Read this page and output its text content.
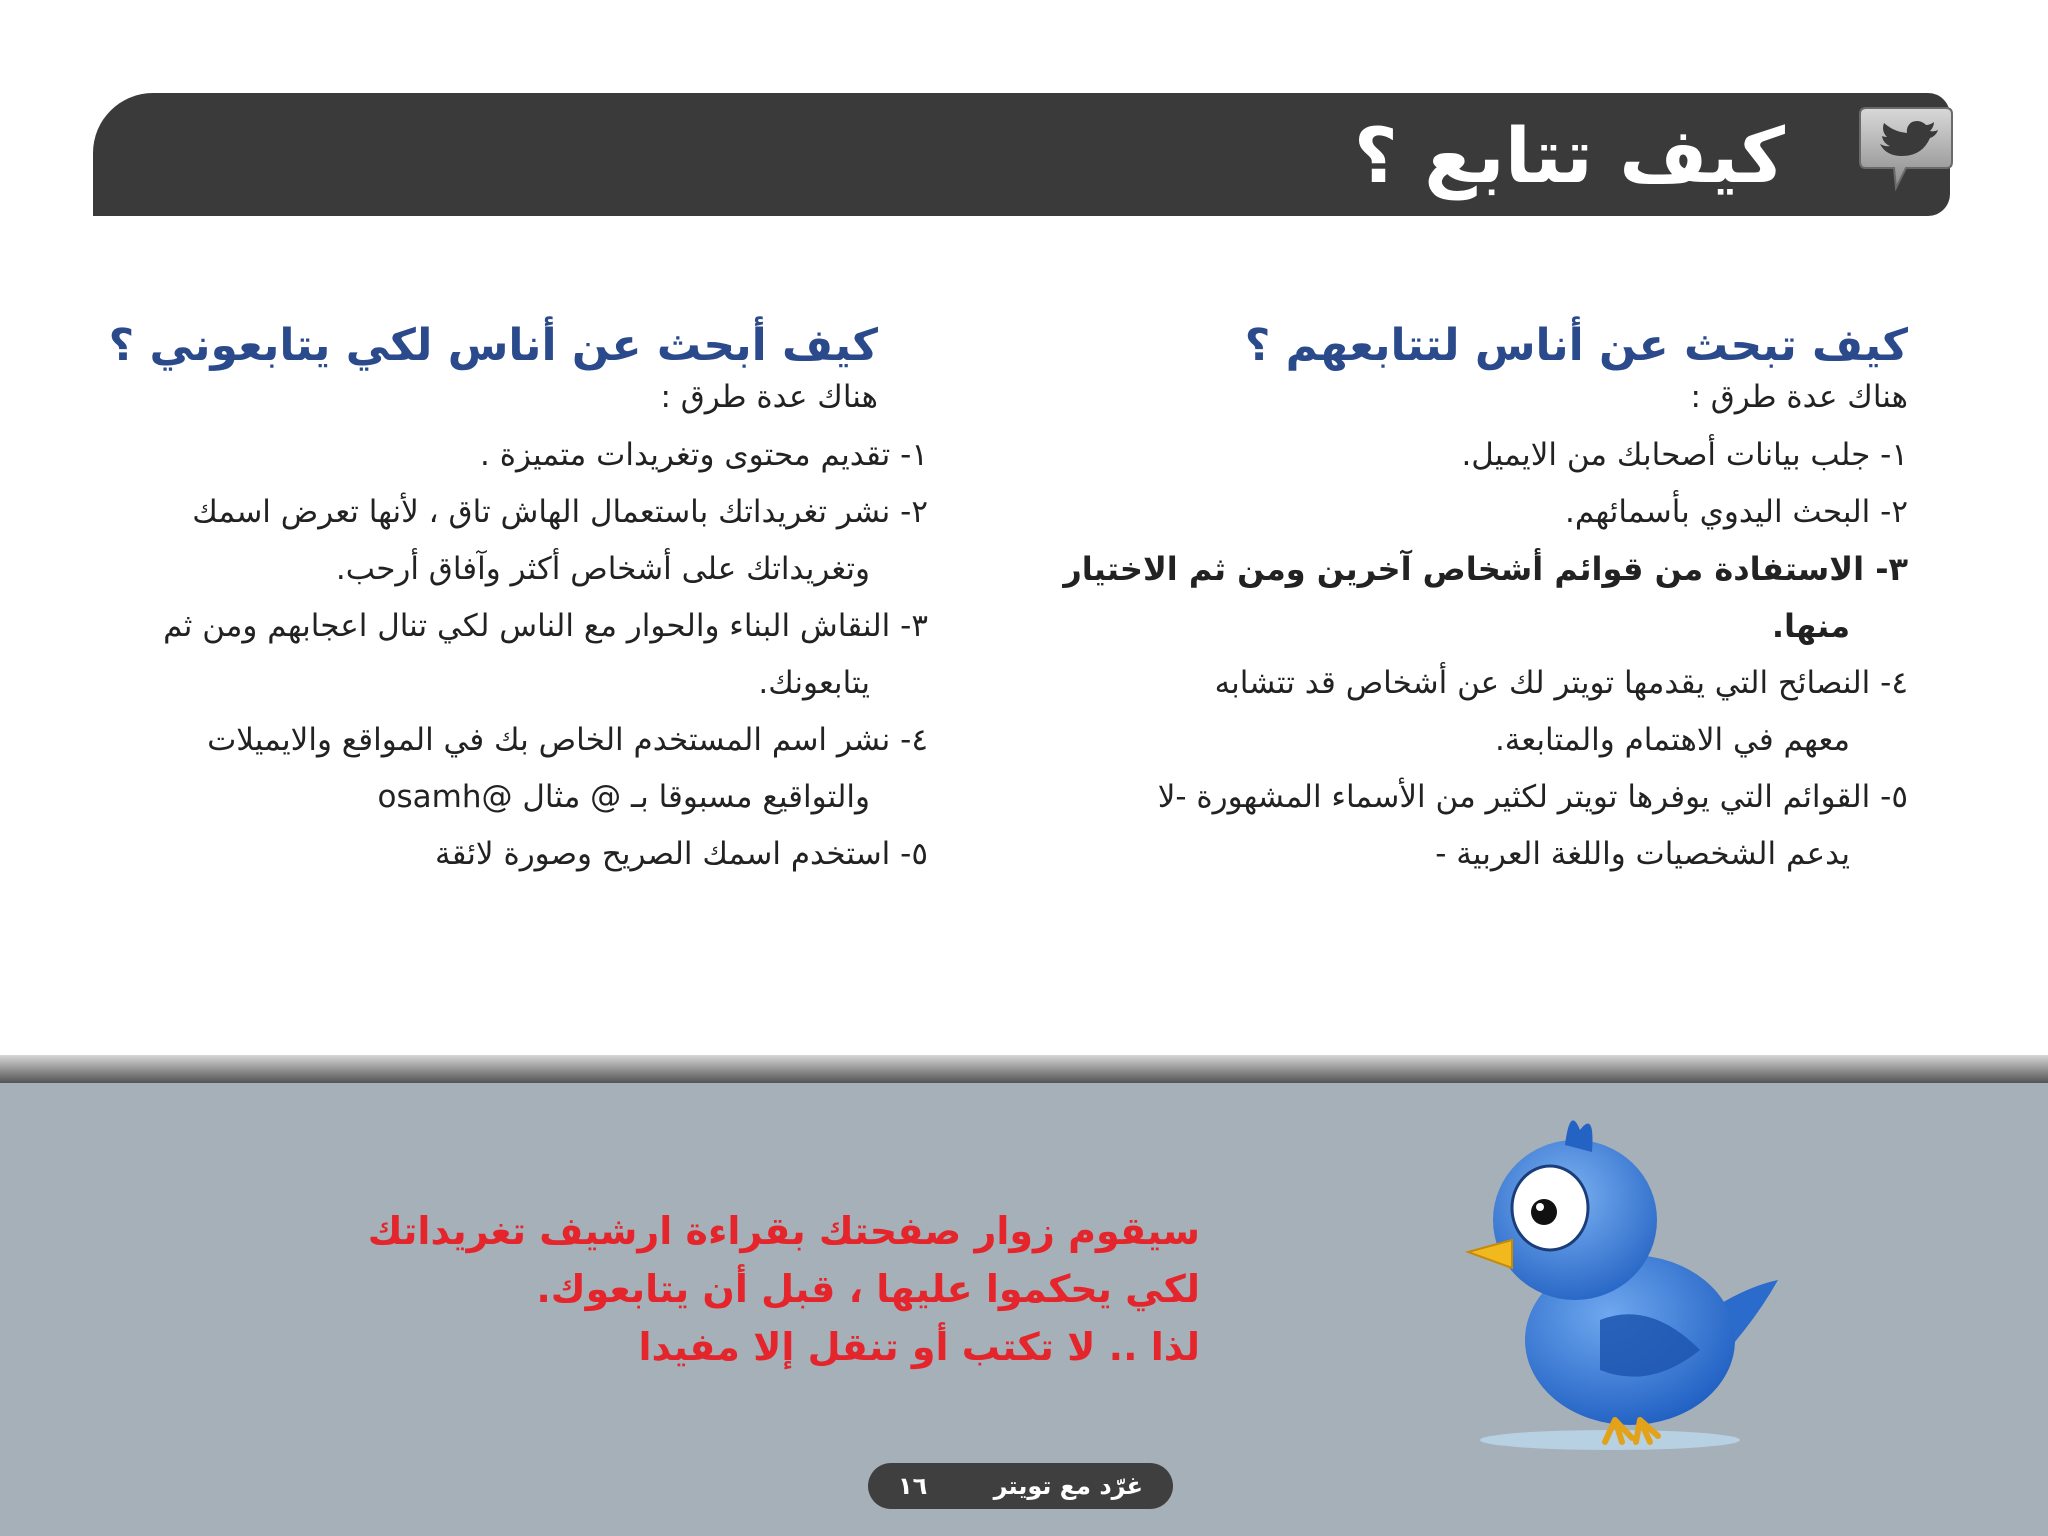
كيف تتابع ؟
كيف تبحث عن أناس لتتابعهم ؟

هناك عدة طرق :

١- جلب بيانات أصحابك من الايميل.
٢- البحث اليدوي بأسمائهم.
٣- الاستفادة من قوائم أشخاص آخرين ومن ثم الاختيار
منها.
٤- النصائح التي يقدمها تويتر لك عن أشخاص قد تتشابه
معهم في الاهتمام والمتابعة.
٥- القوائم التي يوفرها تويتر لكثير من الأسماء المشهورة -لا
يدعم الشخصيات واللغة العربية -
كيف أبحث عن أناس لكي يتابعوني ؟

هناك عدة طرق :

١- تقديم محتوى وتغريدات متميزة .
٢- نشر تغريداتك باستعمال الهاش تاق ، لأنها تعرض اسمك
وتغريداتك على أشخاص أكثر وآفاق أرحب.
٣- النقاش البناء والحوار مع الناس لكي تنال اعجابهم ومن ثم
يتابعونك.
٤- نشر اسم المستخدم الخاص بك في المواقع والايميلات
والتواقيع مسبوقا بـ @ مثال @osamh
٥- استخدم اسمك الصريح وصورة لائقة

سيقوم زوار صفحتك بقراءة ارشيف تغريداتك
لكي يحكموا عليها ، قبل أن يتابعوك.
لذا .. لا تكتب أو تنقل إلا مفيدا

غرّد مع تويتر
١٦
